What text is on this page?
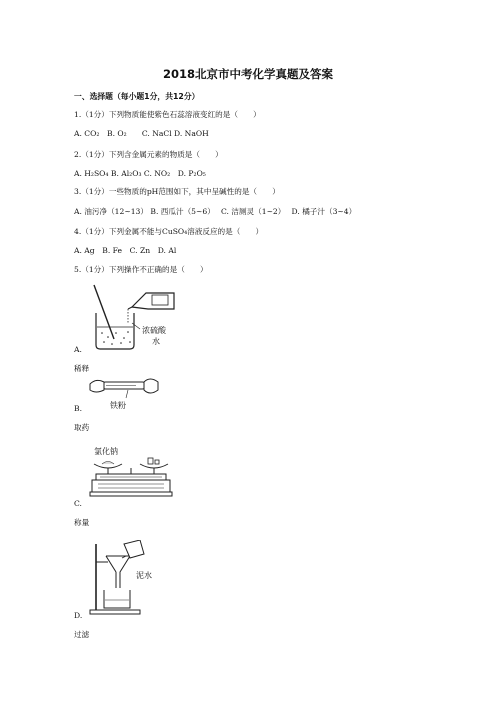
2018北京市中考化学真题及答案
一、选择题（每小题1分，共12分）
1.（1分）下列物质能使紫色石蕊溶液变红的是（　　）
A. CO₂　B. O₂　　C. NaCl D. NaOH
2.（1分）下列含金属元素的物质是（　　）
A. H₂SO₄ B. Al₂O₃ C. NO₂　D. P₂O₅
3.（1分）一些物质的pH范围如下，其中呈碱性的是（　　）
A. 油污净（12~13） B. 西瓜汁（5~6）　 C. 洁厕灵（1~2）　 D. 橘子汁（3~4）
4.（1分）下列金属不能与CuSO₄溶液反应的是（　　）
A. Ag　B. Fe　C. Zn　D. Al
5.（1分）下列操作不正确的是（　　）
浓硫酸
水
A.
稀释
铁粉
B.
取药
氯化钠
C.
称量
泥水
D.
过滤
